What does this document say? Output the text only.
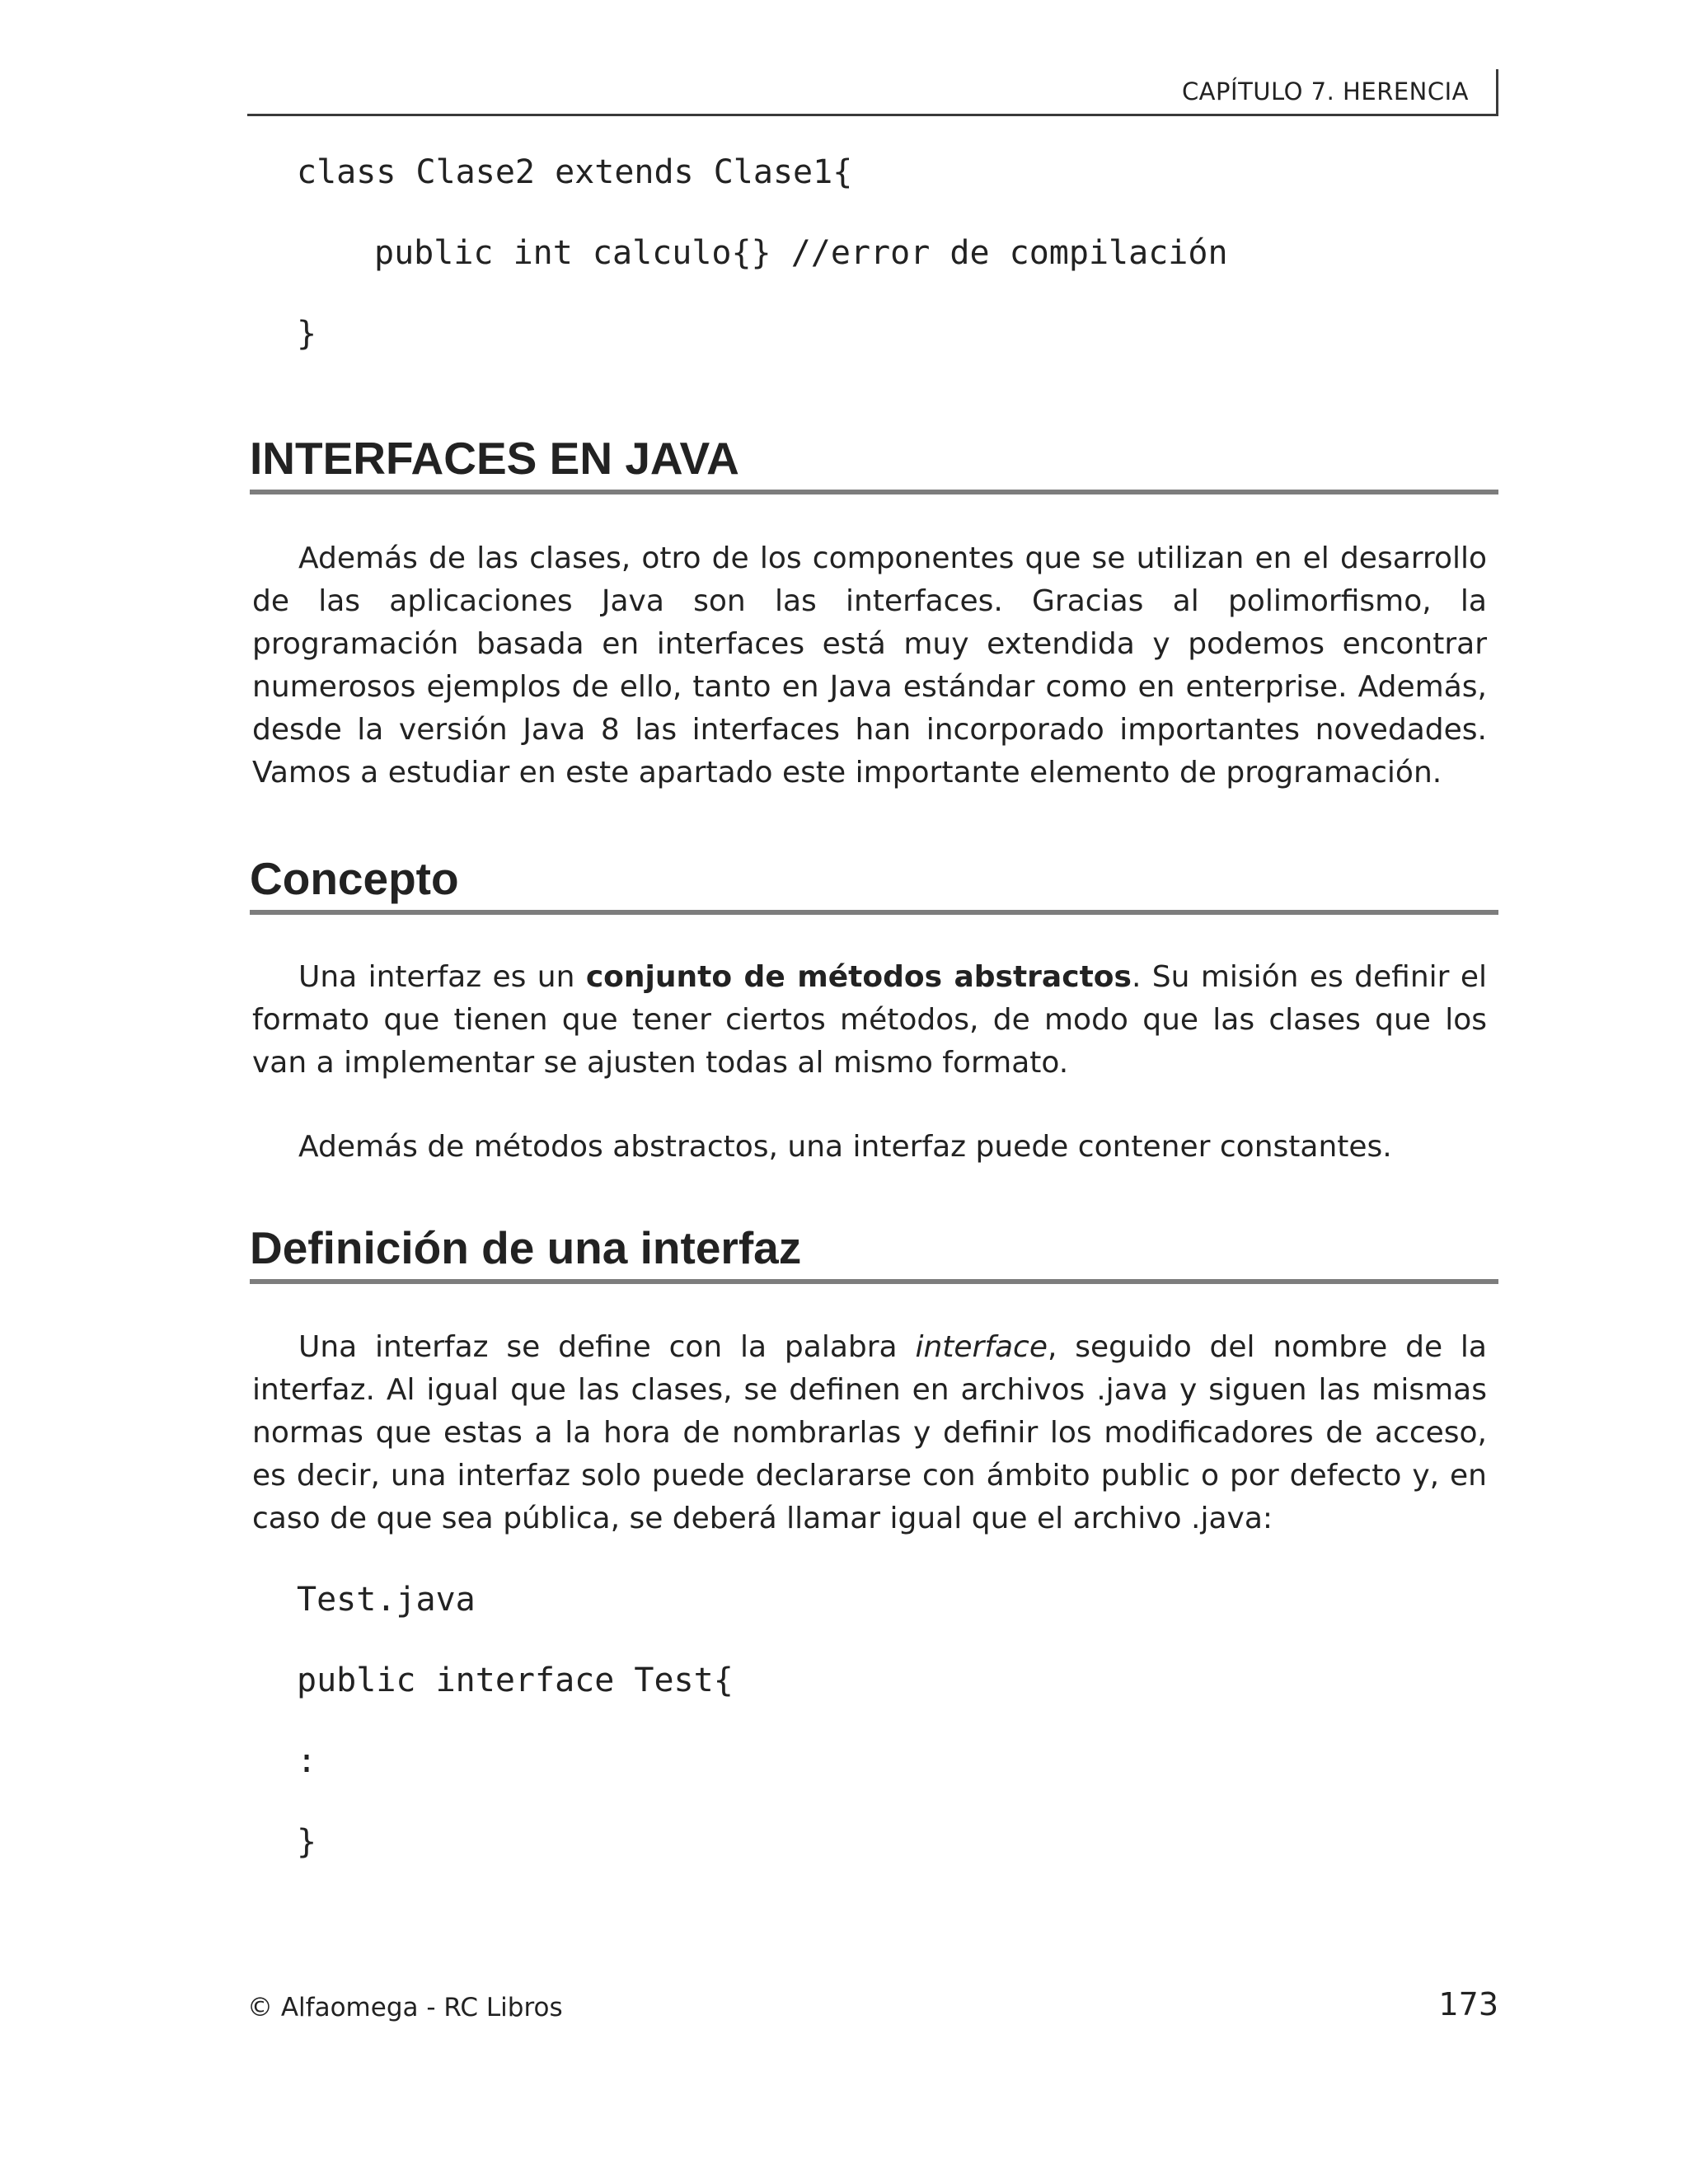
CAPÍTULO 7. HERENCIA
class Clase2 extends Clase1{
public int calculo{} //error de compilación
}
INTERFACES EN JAVA
Además de las clases, otro de los componentes que se utilizan en el desarrollo de las aplicaciones Java son las interfaces. Gracias al polimorfismo, la programación basada en interfaces está muy extendida y podemos encontrar numerosos ejemplos de ello, tanto en Java estándar como en enterprise. Además, desde la versión Java 8 las interfaces han incorporado importantes novedades. Vamos a estudiar en este apartado este importante elemento de programación.
Concepto
Una interfaz es un conjunto de métodos abstractos. Su misión es definir el formato que tienen que tener ciertos métodos, de modo que las clases que los van a implementar se ajusten todas al mismo formato.
Además de métodos abstractos, una interfaz puede contener constantes.
Definición de una interfaz
Una interfaz se define con la palabra interface, seguido del nombre de la interfaz. Al igual que las clases, se definen en archivos .java y siguen las mismas normas que estas a la hora de nombrarlas y definir los modificadores de acceso, es decir, una interfaz solo puede declararse con ámbito public o por defecto y, en caso de que sea pública, se deberá llamar igual que el archivo .java:
Test.java
public interface Test{
:
}
© Alfaomega - RC Libros	173
